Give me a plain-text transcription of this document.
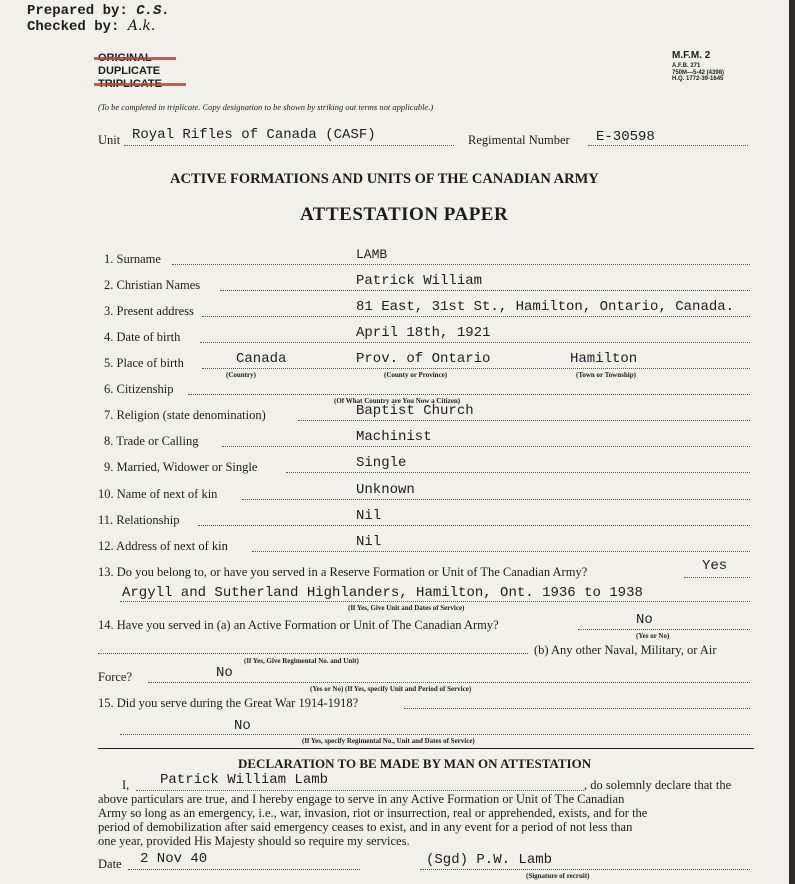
Prepared by: C.S.
Checked by: A.k.
DUPLICATE
M.F.M. 2
A.F.B. 271
750M—5-42 (4398)
H.Q. 1772-39-1645
(To be completed in triplicate. Copy designation to be shown by striking out terms not applicable.)
Unit Royal Rifles of Canada (CASF)	Regimental Number E-30598
ACTIVE FORMATIONS AND UNITS OF THE CANADIAN ARMY
ATTESTATION PAPER
1. Surname	LAMB
2. Christian Names	Patrick William
3. Present address	81 East, 31st St., Hamilton, Ontario, Canada.
4. Date of birth	April 18th, 1921
5. Place of birth	Canada	Prov. of Ontario	Hamilton
(Country)	(County or Province)	(Town or Township)
6. Citizenship
(Of What Country are You Now a Citizen)
7. Religion (state denomination)	Baptist Church
8. Trade or Calling	Machinist
9. Married, Widower or Single	Single
10. Name of next of kin	Unknown
11. Relationship	Nil
12. Address of next of kin	Nil
13. Do you belong to, or have you served in a Reserve Formation or Unit of The Canadian Army?	Yes
Argyll and Sutherland Highlanders, Hamilton, Ont. 1936 to 1938
(If Yes, Give Unit and Dates of Service)
14. Have you served in (a) an Active Formation or Unit of The Canadian Army?	No
(Yes or No)
(b) Any other Naval, Military, or Air
(If Yes, Give Regimental No. and Unit)
Force?	No
(Yes or No) (If Yes, specify Unit and Period of Service)
15. Did you serve during the Great War 1914-1918?
No
(If Yes, specify Regimental No., Unit and Dates of Service)
DECLARATION TO BE MADE BY MAN ON ATTESTATION
I, Patrick William Lamb	, do solemnly declare that the
above particulars are true, and I hereby engage to serve in any Active Formation or Unit of The Canadian
Army so long as an emergency, i.e., war, invasion, riot or insurrection, real or apprehended, exists, and for the
period of demobilization after said emergency ceases to exist, and in any event for a period of not less than
one year, provided His Majesty should so require my services.
Date 2 Nov 40	(Sgd) P.W. Lamb
(Signature of recruit)
